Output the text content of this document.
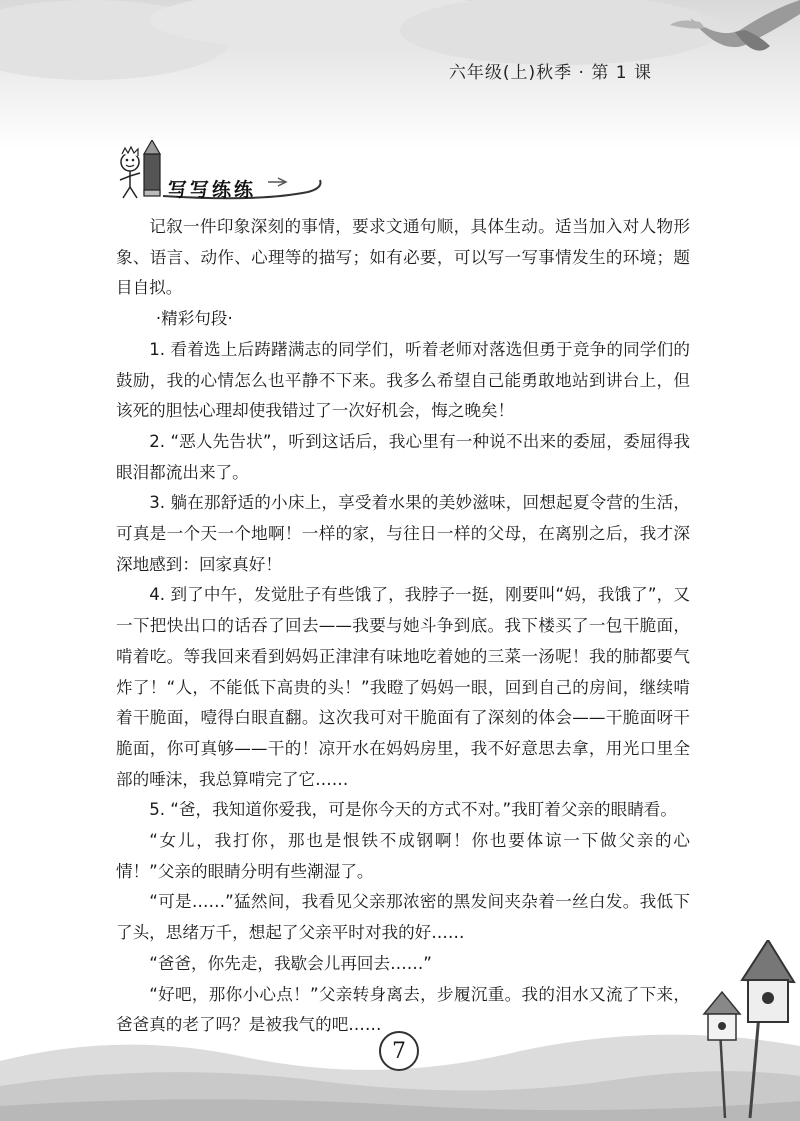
六年级(上)秋季 · 第 1 课
写写练练

记叙一件印象深刻的事情，要求文通句顺，具体生动。适当加入对人物形象、语言、动作、心理等的描写；如有必要，可以写一写事情发生的环境；题目自拟。

·精彩句段·

1. 看着选上后踌躇满志的同学们，听着老师对落选但勇于竞争的同学们的鼓励，我的心情怎么也平静不下来。我多么希望自己能勇敢地站到讲台上，但该死的胆怯心理却使我错过了一次好机会，悔之晚矣！

2. “恶人先告状”，听到这话后，我心里有一种说不出来的委屈，委屈得我眼泪都流出来了。

3. 躺在那舒适的小床上，享受着水果的美妙滋味，回想起夏令营的生活，可真是一个天一个地啊！一样的家，与往日一样的父母，在离别之后，我才深深地感到：回家真好！

4. 到了中午，发觉肚子有些饿了，我脖子一挺，刚要叫“妈，我饿了”，又一下把快出口的话吞了回去——我要与她斗争到底。我下楼买了一包干脆面，啃着吃。等我回来看到妈妈正津津有味地吃着她的三菜一汤呢！我的肺都要气炸了！“人，不能低下高贵的头！”我瞪了妈妈一眼，回到自己的房间，继续啃着干脆面，噎得白眼直翻。这次我可对干脆面有了深刻的体会——干脆面呀干脆面，你可真够——干的！凉开水在妈妈房里，我不好意思去拿，用光口里全部的唾沫，我总算啃完了它……

5. “爸，我知道你爱我，可是你今天的方式不对。”我盯着父亲的眼睛看。

“女儿，我打你，那也是恨铁不成钢啊！你也要体谅一下做父亲的心情！”父亲的眼睛分明有些潮湿了。

“可是……”猛然间，我看见父亲那浓密的黑发间夹杂着一丝白发。我低下了头，思绪万千，想起了父亲平时对我的好……

“爸爸，你先走，我歇会儿再回去……”

“好吧，那你小心点！”父亲转身离去，步履沉重。我的泪水又流了下来，爸爸真的老了吗？是被我气的吧……

7
